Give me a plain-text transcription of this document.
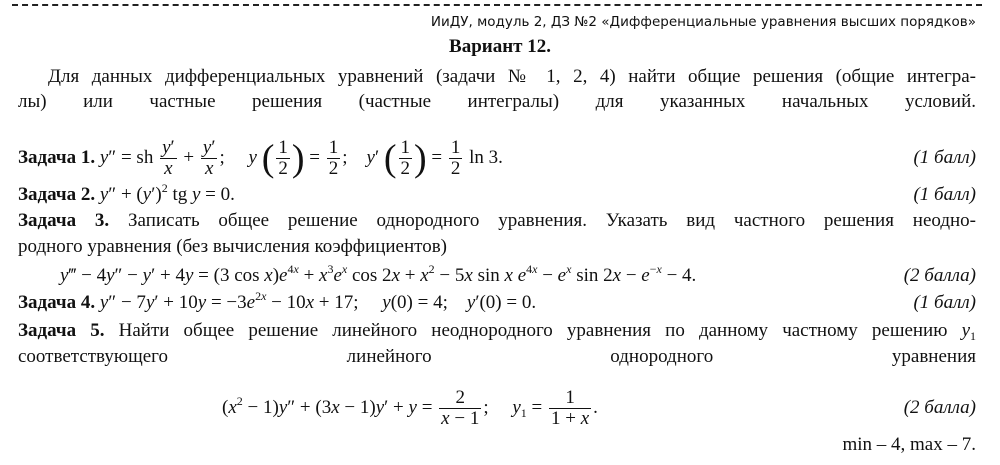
ИиДУ, модуль 2, ДЗ №2 «Дифференциальные уравнения высших порядков»
Вариант 12.
Для данных дифференциальных уравнений (задачи № 1, 2, 4) найти общие решения (общие интегра-
лы) или частные решения (частные интегралы) для указанных начальных условий.
Задача 1. y″ = sh $\frac{y'}{x} + \frac{y'}{x}$ ;     y ( $\frac{1}{2}$ ) = $\frac{1}{2}$ ;    y′ ( $\frac{1}{2}$ ) = $\frac{1}{2}$ ln 3.	(1 балл)
Задача 2. $y'' + (y')^2$ tg y = 0.	(1 балл)
Задача 3. Записать общее решение однородного уравнения. Указать вид частного решения неодно-
родного уравнения (без вычисления коэффициентов)
y‴ − 4y″ − y′ + 4y = (3 $\cos x)e^{4x} + x^3e^x$ $\cos 2x + x^2 - 5x$ sin x $e^{4x} - e^x$ $\sin 2x - e^{-x} - 4$.	(2 балла)
Задача 4. $y'' - 7y' + 10y = -3e^{2x} - 10x + 17$;     y(0) = 4;    y′(0) = 0.	(1 балл)
Задача 5. Найти общее решение линейного неоднородного уравнения по данному частному решению $y_1$
соответствующего линейного однородного уравнения
$(x^2 - 1)y'' + (3x - 1)y' + y = \frac{2}{x - 1}$ ;     $y_1 = \frac{1}{1 + x}$ .	(2 балла)
min – 4, max – 7.
